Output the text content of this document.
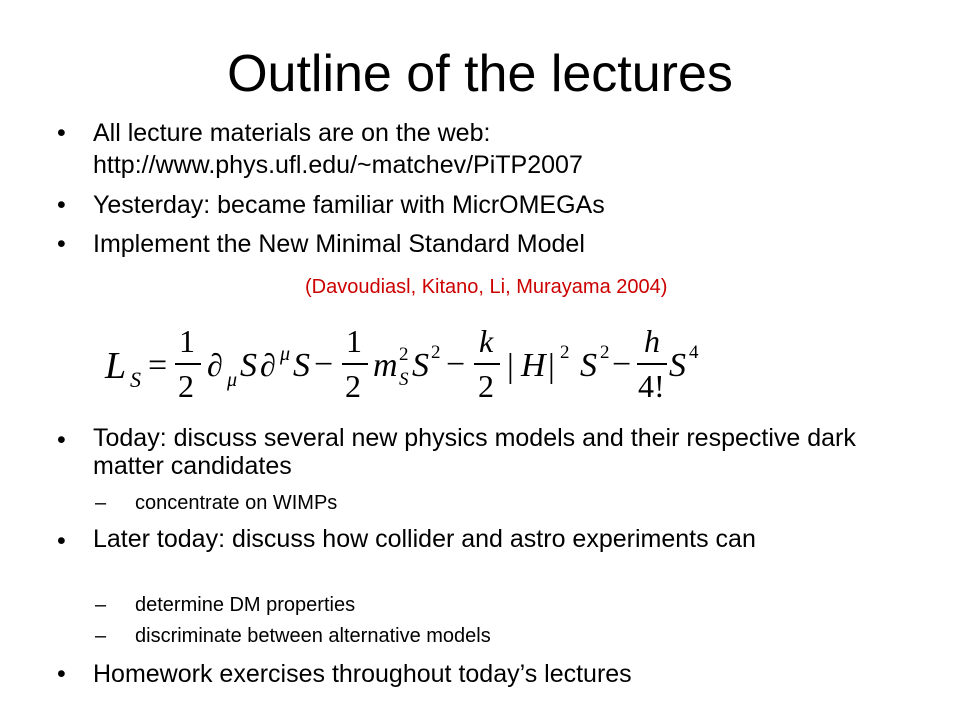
Outline of the lectures
• All lecture materials are on the web:
http://www.phys.ufl.edu/~matchev/PiTP2007
• Yesterday: became familiar with MicrOMEGAs
• Implement the New Minimal Standard Model
(Davoudiasl, Kitano, Li, Murayama 2004)
L S =
1
2
∂ μ S ∂ μ S −
1
2
m 2
S S 2 −
k
2
| H | 2 S 2 −
h
4!
S 4
• Today: discuss several new physics models and their respective dark matter candidates
– concentrate on WIMPs
• Later today: discuss how collider and astro experiments can
– determine DM properties
– discriminate between alternative models
• Homework exercises throughout today’s lectures
